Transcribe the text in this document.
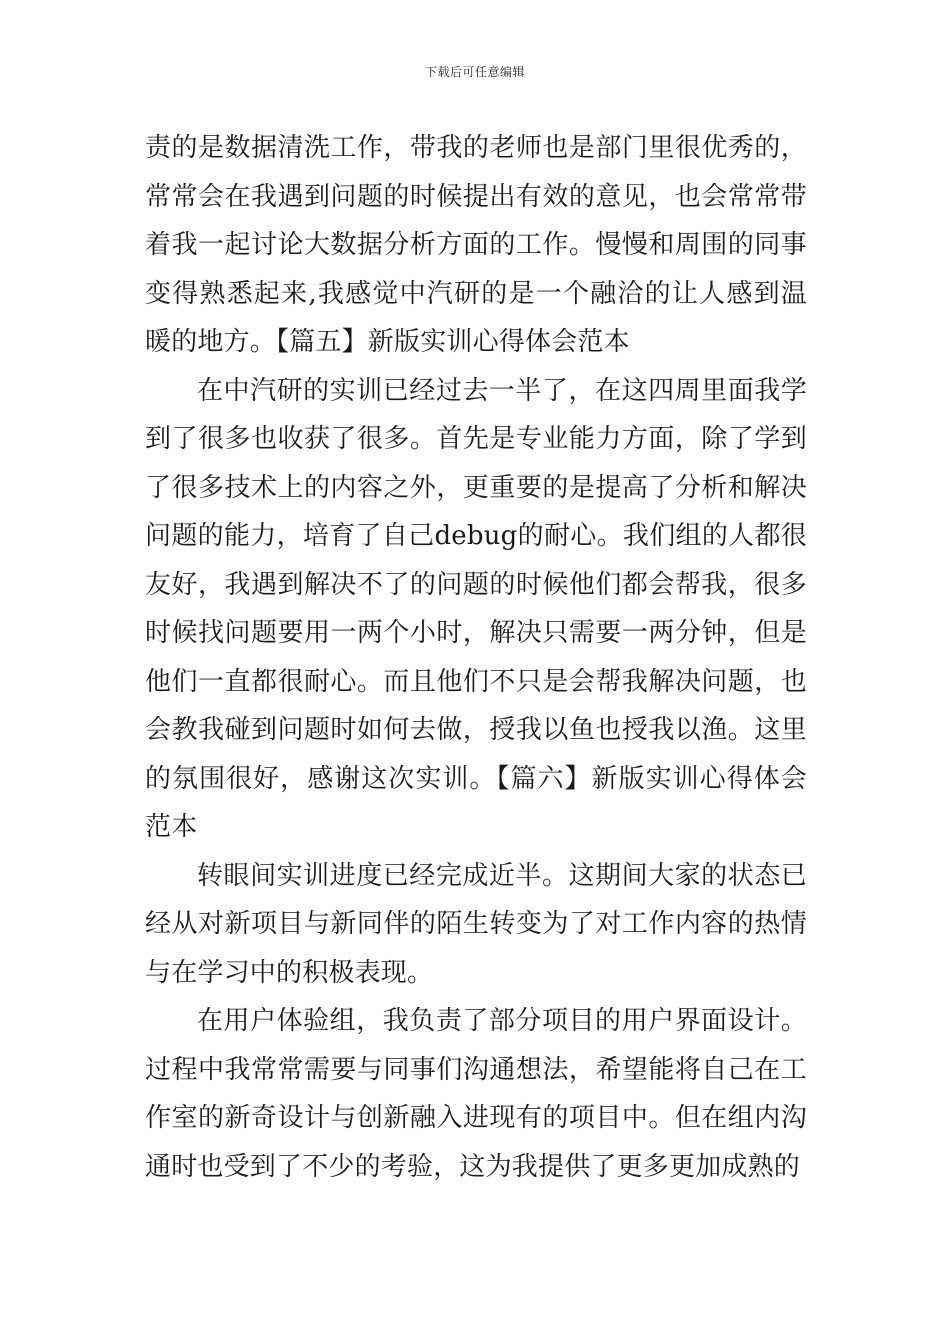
下载后可任意编辑

责的是数据清洗工作，带我的老师也是部门里很优秀的，常常会在我遇到问题的时候提出有效的意见，也会常常带着我一起讨论大数据分析方面的工作。慢慢和周围的同事变得熟悉起来,我感觉中汽研的是一个融洽的让人感到温暖的地方。【篇五】新版实训心得体会范本

在中汽研的实训已经过去一半了，在这四周里面我学到了很多也收获了很多。首先是专业能力方面，除了学到了很多技术上的内容之外，更重要的是提高了分析和解决问题的能力，培育了自己debug的耐心。我们组的人都很友好，我遇到解决不了的问题的时候他们都会帮我，很多时候找问题要用一两个小时，解决只需要一两分钟，但是他们一直都很耐心。而且他们不只是会帮我解决问题，也会教我碰到问题时如何去做，授我以鱼也授我以渔。这里的氛围很好，感谢这次实训。【篇六】新版实训心得体会范本

转眼间实训进度已经完成近半。这期间大家的状态已经从对新项目与新同伴的陌生转变为了对工作内容的热情与在学习中的积极表现。

在用户体验组，我负责了部分项目的用户界面设计。过程中我常常需要与同事们沟通想法，希望能将自己在工作室的新奇设计与创新融入进现有的项目中。但在组内沟通时也受到了不少的考验，这为我提供了更多更加成熟的
